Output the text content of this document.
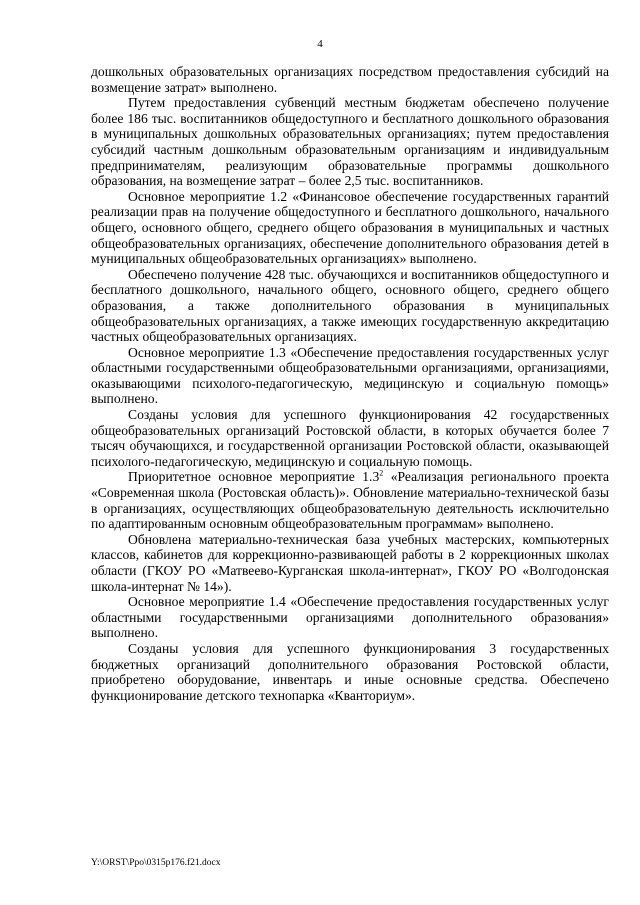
4

дошкольных образовательных организациях посредством предоставления субсидий на возмещение затрат» выполнено.

Путем предоставления субвенций местным бюджетам обеспечено получение более 186 тыс. воспитанников общедоступного и бесплатного дошкольного образования в муниципальных дошкольных образовательных организациях; путем предоставления субсидий частным дошкольным образовательным организациям и индивидуальным предпринимателям, реализующим образовательные программы дошкольного образования, на возмещение затрат – более 2,5 тыс. воспитанников.

Основное мероприятие 1.2 «Финансовое обеспечение государственных гарантий реализации прав на получение общедоступного и бесплатного дошкольного, начального общего, основного общего, среднего общего образования в муниципальных и частных общеобразовательных организациях, обеспечение дополнительного образования детей в муниципальных общеобразовательных организациях» выполнено.

Обеспечено получение 428 тыс. обучающихся и воспитанников общедоступного и бесплатного дошкольного, начального общего, основного общего, среднего общего образования, а также дополнительного образования в муниципальных общеобразовательных организациях, а также имеющих государственную аккредитацию частных общеобразовательных организациях.

Основное мероприятие 1.3 «Обеспечение предоставления государственных услуг областными государственными общеобразовательными организациями, организациями, оказывающими психолого-педагогическую, медицинскую и социальную помощь» выполнено.

Созданы условия для успешного функционирования 42 государственных общеобразовательных организаций Ростовской области, в которых обучается более 7 тысяч обучающихся, и государственной организации Ростовской области, оказывающей психолого-педагогическую, медицинскую и социальную помощь.

Приоритетное основное мероприятие $1.3^2$ «Реализация регионального проекта «Современная школа (Ростовская область)». Обновление материально-технической базы в организациях, осуществляющих общеобразовательную деятельность исключительно по адаптированным основным общеобразовательным программам» выполнено.

Обновлена материально-техническая база учебных мастерских, компьютерных классов, кабинетов для коррекционно-развивающей работы в 2 коррекционных школах области (ГКОУ РО «Матвеево-Курганская школа-интернат», ГКОУ РО «Волгодонская школа-интернат № 14»).

Основное мероприятие 1.4 «Обеспечение предоставления государственных услуг областными государственными организациями дополнительного образования» выполнено.

Созданы условия для успешного функционирования 3 государственных бюджетных организаций дополнительного образования Ростовской области, приобретено оборудование, инвентарь и иные основные средства. Обеспечено функционирование детского технопарка «Кванториум».

Y:\ORST\Ppo\0315p176.f21.docx
